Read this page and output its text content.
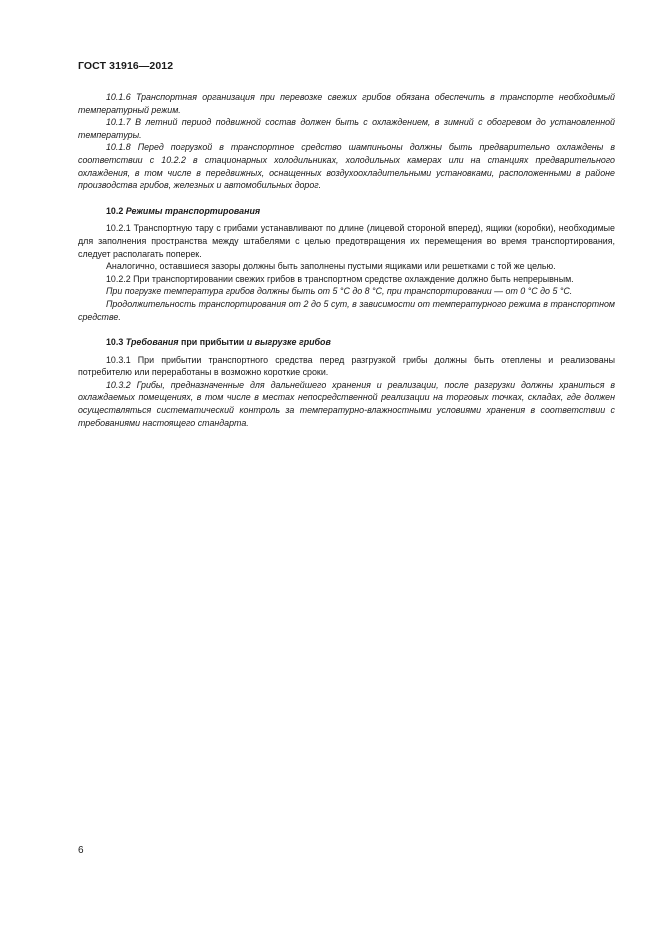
ГОСТ 31916—2012

10.1.6 Транспортная организация при перевозке свежих грибов обязана обеспечить в транспорте необходимый температурный режим.

10.1.7 В летний период подвижной состав должен быть с охлаждением, в зимний с обогревом до установленной температуры.

10.1.8 Перед погрузкой в транспортное средство шампиньоны должны быть предварительно охлаждены в соответствии с 10.2.2 в стационарных холодильниках, холодильных камерах или на станциях предварительного охлаждения, в том числе в передвижных, оснащенных воздухоохладительными установками, расположенными в районе производства грибов, железных и автомобильных дорог.

10.2 Режимы транспортирования

10.2.1 Транспортную тару с грибами устанавливают по длине (лицевой стороной вперед), ящики (коробки), необходимые для заполнения пространства между штабелями с целью предотвращения их перемещения во время транспортирования, следует располагать поперек.

Аналогично, оставшиеся зазоры должны быть заполнены пустыми ящиками или решетками с той же целью.

10.2.2 При транспортировании свежих грибов в транспортном средстве охлаждение должно быть непрерывным.

При погрузке температура грибов должны быть от 5 °С до 8 °С, при транспортировании — от 0 °С до 5 °С.

Продолжительность транспортирования от 2 до 5 сут, в зависимости от температурного режима в транспортном средстве.

10.3 Требования при прибытии и выгрузке грибов

10.3.1 При прибытии транспортного средства перед разгрузкой грибы должны быть отеплены и реализованы потребителю или переработаны в возможно короткие сроки.

10.3.2 Грибы, предназначенные для дальнейшего хранения и реализации, после разгрузки должны храниться в охлаждаемых помещениях, в том числе в местах непосредственной реализации на торговых точках, складах, где должен осуществляться систематический контроль за температурно-влажностными условиями хранения в соответствии с требованиями настоящего стандарта.

6
